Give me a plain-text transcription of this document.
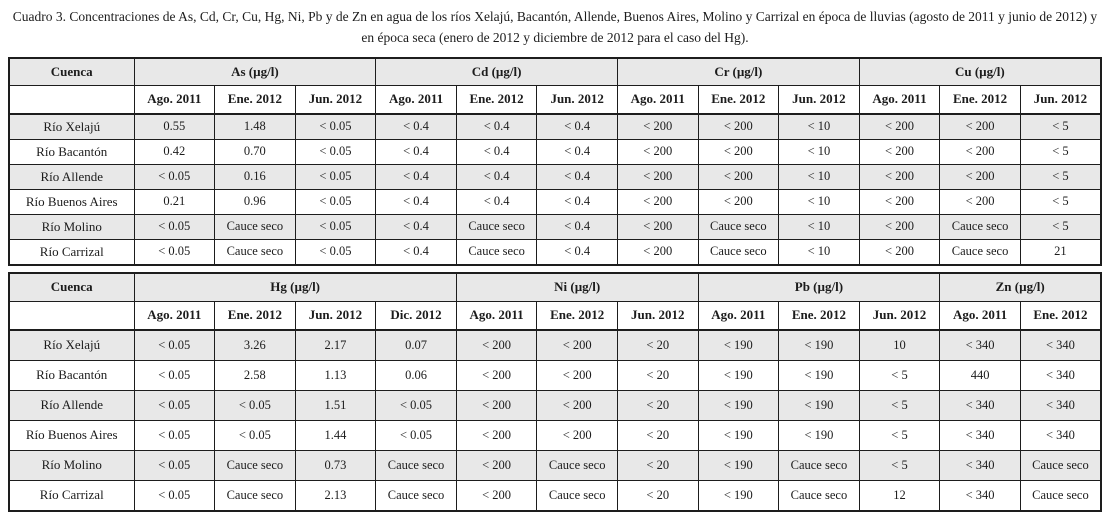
Cuadro 3. Concentraciones de As, Cd, Cr, Cu, Hg, Ni, Pb y de Zn en agua de los ríos Xelajú, Bacantón, Allende, Buenos Aires, Molino y Carrizal en época de lluvias (agosto de 2011 y junio de 2012) y en época seca (enero de 2012 y diciembre de 2012 para el caso del Hg).
Cuenca	As (µg/l)			Cd (µg/l)			Cr (µg/l)			Cu (µg/l)		
	Ago. 2011	Ene. 2012	Jun. 2012	Ago. 2011	Ene. 2012	Jun. 2012	Ago. 2011	Ene. 2012	Jun. 2012	Ago. 2011	Ene. 2012	Jun. 2012
Río Xelajú	0.55	1.48	< 0.05	< 0.4	< 0.4	< 0.4	< 200	< 200	< 10	< 200	< 200	< 5
Río Bacantón	0.42	0.70	< 0.05	< 0.4	< 0.4	< 0.4	< 200	< 200	< 10	< 200	< 200	< 5
Río Allende	< 0.05	0.16	< 0.05	< 0.4	< 0.4	< 0.4	< 200	< 200	< 10	< 200	< 200	< 5
Río Buenos Aires	0.21	0.96	< 0.05	< 0.4	< 0.4	< 0.4	< 200	< 200	< 10	< 200	< 200	< 5
Río Molino	< 0.05	Cauce seco	< 0.05	< 0.4	Cauce seco	< 0.4	< 200	Cauce seco	< 10	< 200	Cauce seco	< 5
Río Carrizal	< 0.05	Cauce seco	< 0.05	< 0.4	Cauce seco	< 0.4	< 200	Cauce seco	< 10	< 200	Cauce seco	21
Cuenca	Hg (µg/l)				Ni (µg/l)			Pb (µg/l)			Zn (µg/l)	
	Ago. 2011	Ene. 2012	Jun. 2012	Dic. 2012	Ago. 2011	Ene. 2012	Jun. 2012	Ago. 2011	Ene. 2012	Jun. 2012	Ago. 2011	Ene. 2012
Río Xelajú	< 0.05	3.26	2.17	0.07	< 200	< 200	< 20	< 190	< 190	10	< 340	< 340
Río Bacantón	< 0.05	2.58	1.13	0.06	< 200	< 200	< 20	< 190	< 190	< 5	440	< 340
Río Allende	< 0.05	< 0.05	1.51	< 0.05	< 200	< 200	< 20	< 190	< 190	< 5	< 340	< 340
Río Buenos Aires	< 0.05	< 0.05	1.44	< 0.05	< 200	< 200	< 20	< 190	< 190	< 5	< 340	< 340
Río Molino	< 0.05	Cauce seco	0.73	Cauce seco	< 200	Cauce seco	< 20	< 190	Cauce seco	< 5	< 340	Cauce seco
Río Carrizal	< 0.05	Cauce seco	2.13	Cauce seco	< 200	Cauce seco	< 20	< 190	Cauce seco	12	< 340	Cauce seco
